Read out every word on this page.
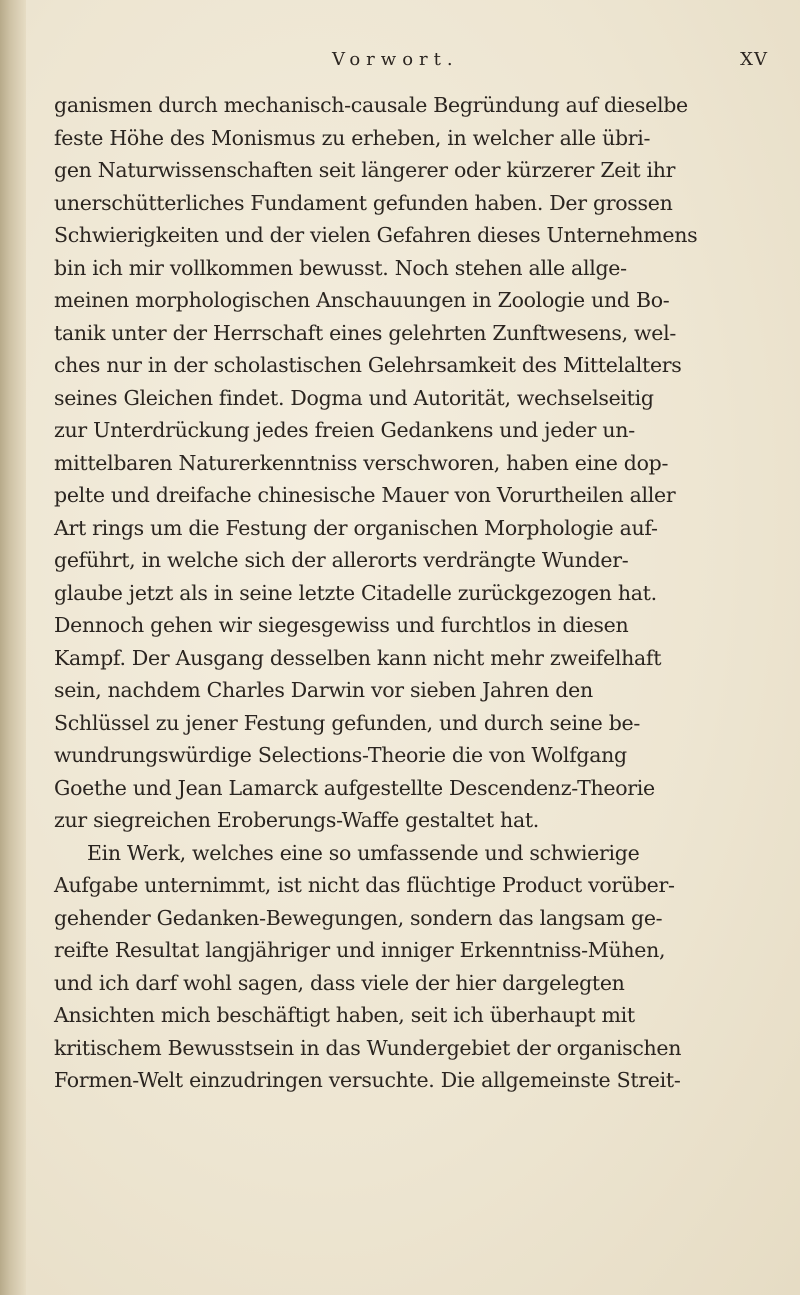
Vorwort.	XV
ganismen durch mechanisch-causale Begründung auf dieselbe
feste Höhe des Monismus zu erheben, in welcher alle übri-
gen Naturwissenschaften seit längerer oder kürzerer Zeit ihr
unerschütterliches Fundament gefunden haben. Der grossen
Schwierigkeiten und der vielen Gefahren dieses Unternehmens
bin ich mir vollkommen bewusst. Noch stehen alle allge-
meinen morphologischen Anschauungen in Zoologie und Bo-
tanik unter der Herrschaft eines gelehrten Zunftwesens, wel-
ches nur in der scholastischen Gelehrsamkeit des Mittelalters
seines Gleichen findet. Dogma und Autorität, wechselseitig
zur Unterdrückung jedes freien Gedankens und jeder un-
mittelbaren Naturerkenntniss verschworen, haben eine dop-
pelte und dreifache chinesische Mauer von Vorurtheilen aller
Art rings um die Festung der organischen Morphologie auf-
geführt, in welche sich der allerorts verdrängte Wunder-
glaube jetzt als in seine letzte Citadelle zurückgezogen hat.
Dennoch gehen wir siegesgewiss und furchtlos in diesen
Kampf. Der Ausgang desselben kann nicht mehr zweifelhaft
sein, nachdem Charles Darwin vor sieben Jahren den
Schlüssel zu jener Festung gefunden, und durch seine be-
wundrungswürdige Selections-Theorie die von Wolfgang
Goethe und Jean Lamarck aufgestellte Descendenz-Theorie
zur siegreichen Eroberungs-Waffe gestaltet hat.
Ein Werk, welches eine so umfassende und schwierige
Aufgabe unternimmt, ist nicht das flüchtige Product vorüber-
gehender Gedanken-Bewegungen, sondern das langsam ge-
reifte Resultat langjähriger und inniger Erkenntniss-Mühen,
und ich darf wohl sagen, dass viele der hier dargelegten
Ansichten mich beschäftigt haben, seit ich überhaupt mit
kritischem Bewusstsein in das Wundergebiet der organischen
Formen-Welt einzudringen versuchte. Die allgemeinste Streit-
